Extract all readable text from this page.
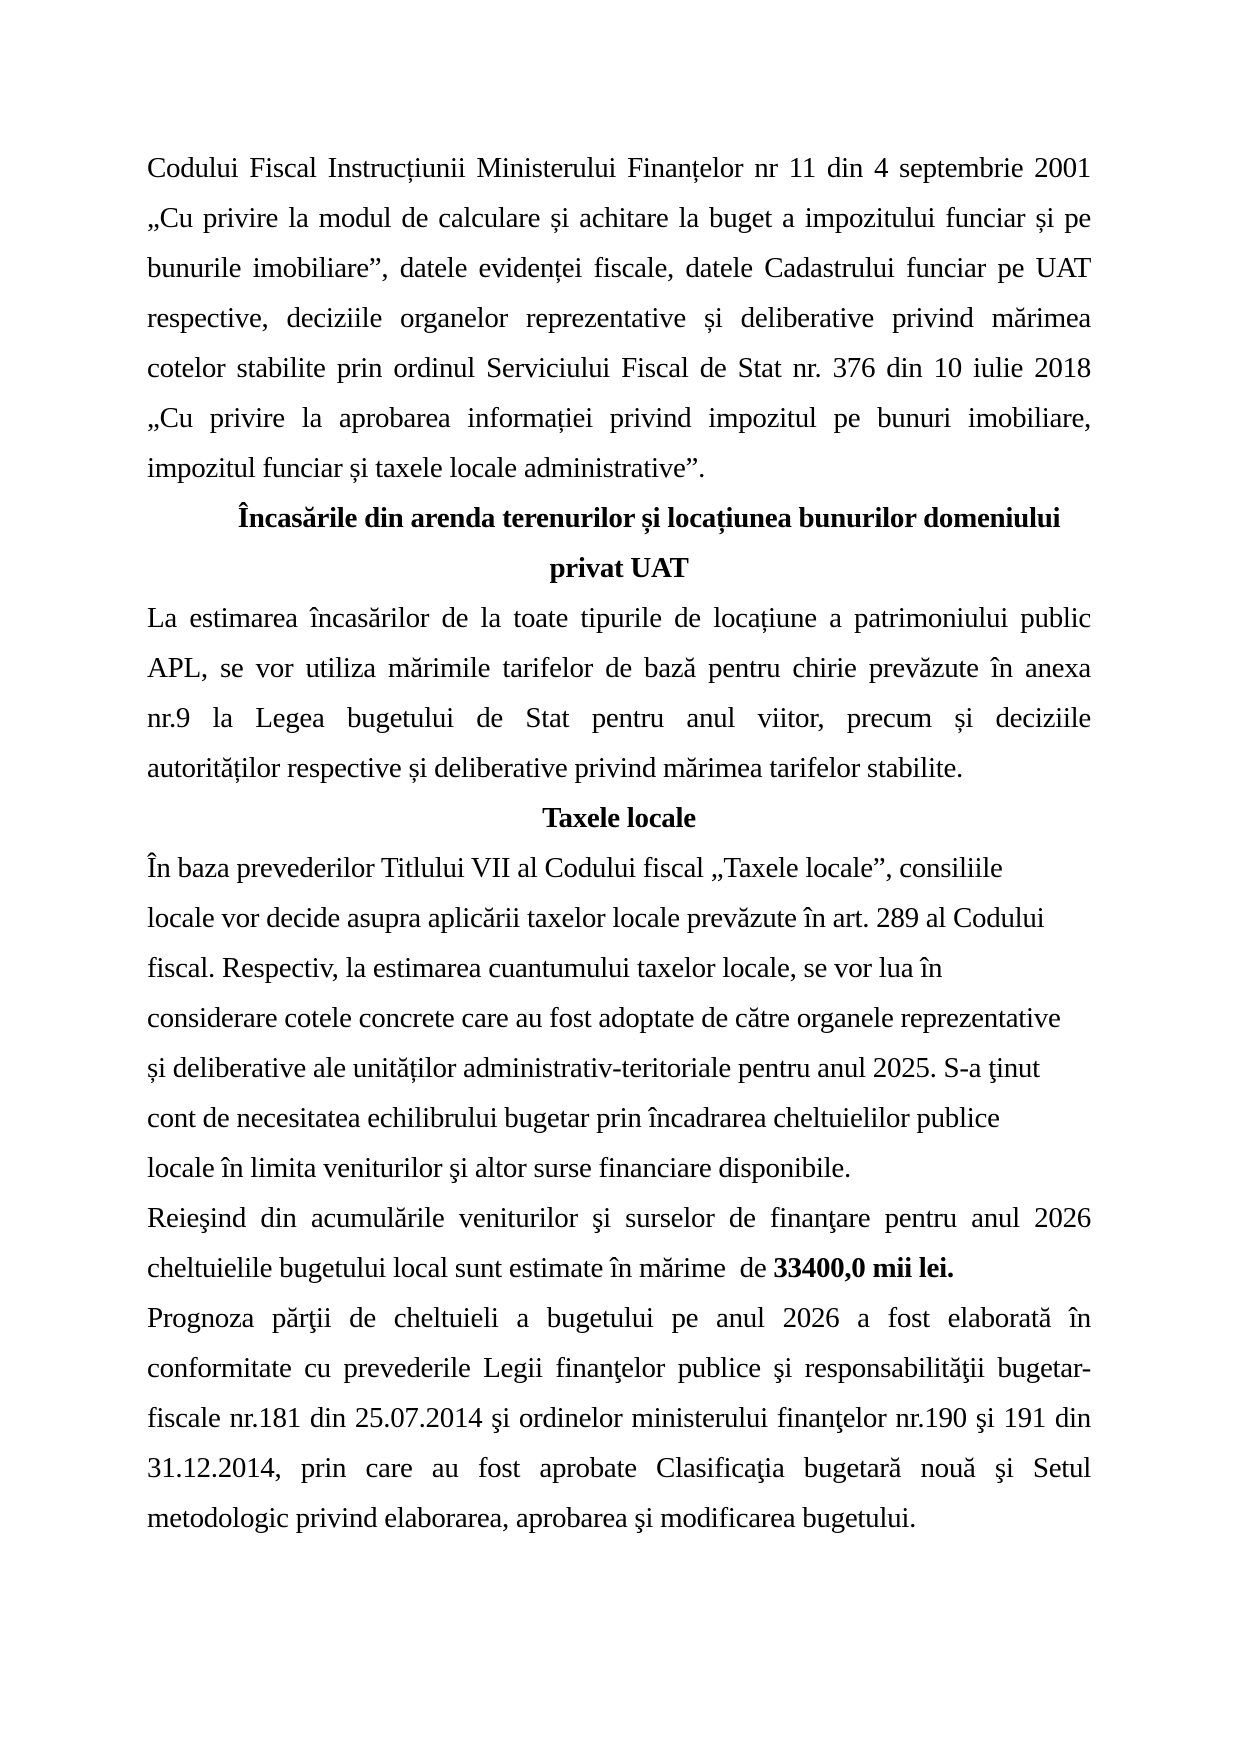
Codului Fiscal Instrucțiunii Ministerului Finanțelor nr 11 din 4 septembrie 2001
„Cu privire la modul de calculare și achitare la buget a impozitului funciar și pe
bunurile imobiliare”, datele evidenței fiscale, datele Cadastrului funciar pe UAT
respective, deciziile organelor reprezentative și deliberative privind mărimea
cotelor stabilite prin ordinul Serviciului Fiscal de Stat nr. 376 din 10 iulie 2018
„Cu privire la aprobarea informației privind impozitul pe bunuri imobiliare,
impozitul funciar și taxele locale administrative”.
Încasările din arenda terenurilor și locațiunea bunurilor domeniului
privat UAT
La estimarea încasărilor de la toate tipurile de locațiune a patrimoniului public
APL, se vor utiliza mărimile tarifelor de bază pentru chirie prevăzute în anexa
nr.9 la Legea bugetului de Stat pentru anul viitor, precum și deciziile
autorităților respective și deliberative privind mărimea tarifelor stabilite.
Taxele locale
În baza prevederilor Titlului VII al Codului fiscal „Taxele locale”, consiliile
locale vor decide asupra aplicării taxelor locale prevăzute în art. 289 al Codului
fiscal. Respectiv, la estimarea cuantumului taxelor locale, se vor lua în
considerare cotele concrete care au fost adoptate de către organele reprezentative
și deliberative ale unităților administrativ-teritoriale pentru anul 2025. S-a ţinut
cont de necesitatea echilibrului bugetar prin încadrarea cheltuielilor publice
locale în limita veniturilor şi altor surse financiare disponibile.
Reieşind din acumulările veniturilor şi surselor de finanţare pentru anul 2026
cheltuielile bugetului local sunt estimate în mărime  de 33400,0 mii lei.
Prognoza părţii de cheltuieli a bugetului pe anul 2026 a fost elaborată în
conformitate cu prevederile Legii finanţelor publice şi responsabilităţii bugetar-
fiscale nr.181 din 25.07.2014 şi ordinelor ministerului finanţelor nr.190 şi 191 din
31.12.2014, prin care au fost aprobate Clasificaţia bugetară nouă şi Setul
metodologic privind elaborarea, aprobarea şi modificarea bugetului.
